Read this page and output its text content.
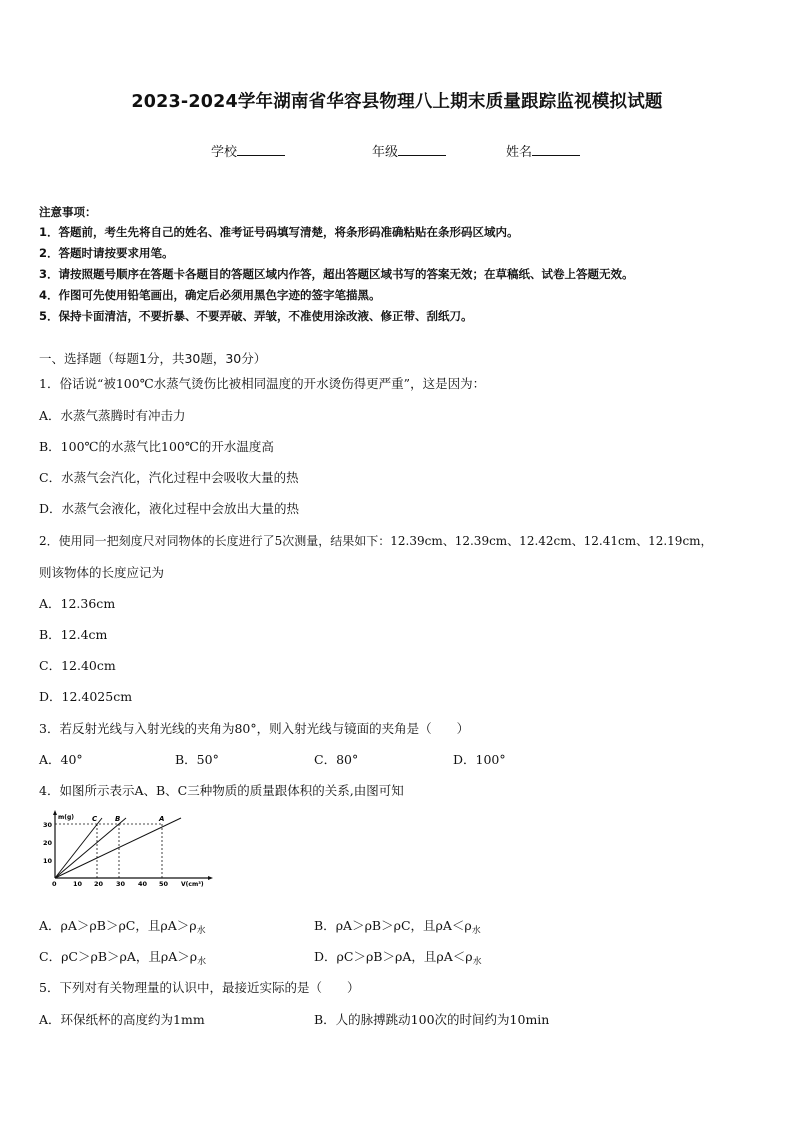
2023-2024学年湖南省华容县物理八上期末质量跟踪监视模拟试题
学校	年级	姓名
注意事项：
1．答题前，考生先将自己的姓名、准考证号码填写清楚，将条形码准确粘贴在条形码区域内。
2．答题时请按要求用笔。
3．请按照题号顺序在答题卡各题目的答题区域内作答，超出答题区域书写的答案无效；在草稿纸、试卷上答题无效。
4．作图可先使用铅笔画出，确定后必须用黑色字迹的签字笔描黑。
5．保持卡面清洁，不要折暴、不要弄破、弄皱，不准使用涂改液、修正带、刮纸刀。
一、选择题（每题1分，共30题，30分）
1．俗话说“被100℃水蒸气烫伤比被相同温度的开水烫伤得更严重”，这是因为：
A．水蒸气蒸腾时有冲击力
B．100℃的水蒸气比100℃的开水温度高
C．水蒸气会汽化，汽化过程中会吸收大量的热
D．水蒸气会液化，液化过程中会放出大量的热
2．使用同一把刻度尺对同物体的长度进行了5次测量，结果如下：12.39cm、12.39cm、12.42cm、12.41cm、12.19cm，
则该物体的长度应记为
A．12.36cm
B．12.4cm
C．12.40cm
D．12.4025cm
3．若反射光线与入射光线的夹角为80°，则入射光线与镜面的夹角是（　　）
A．40°	B．50°	C．80°	D．100°
4．如图所示表示A、B、C三种物质的质量跟体积的关系,由图可知
m(g)
V(cm³)
10
20
30
0	10 20 30 40 50
C	B	A
A．ρA＞ρB＞ρC，且$\rho A>\rho_水$	B．ρA＞ρB＞ρC，且$\rho A<\rho_水$
C．ρC＞ρB＞ρA，且$\rho A>\rho_水$	D．ρC＞ρB＞ρA，且$\rho A<\rho_水$
5．下列对有关物理量的认识中，最接近实际的是（　　）
A．环保纸杯的高度约为1mm	B．人的脉搏跳动100次的时间约为10min
